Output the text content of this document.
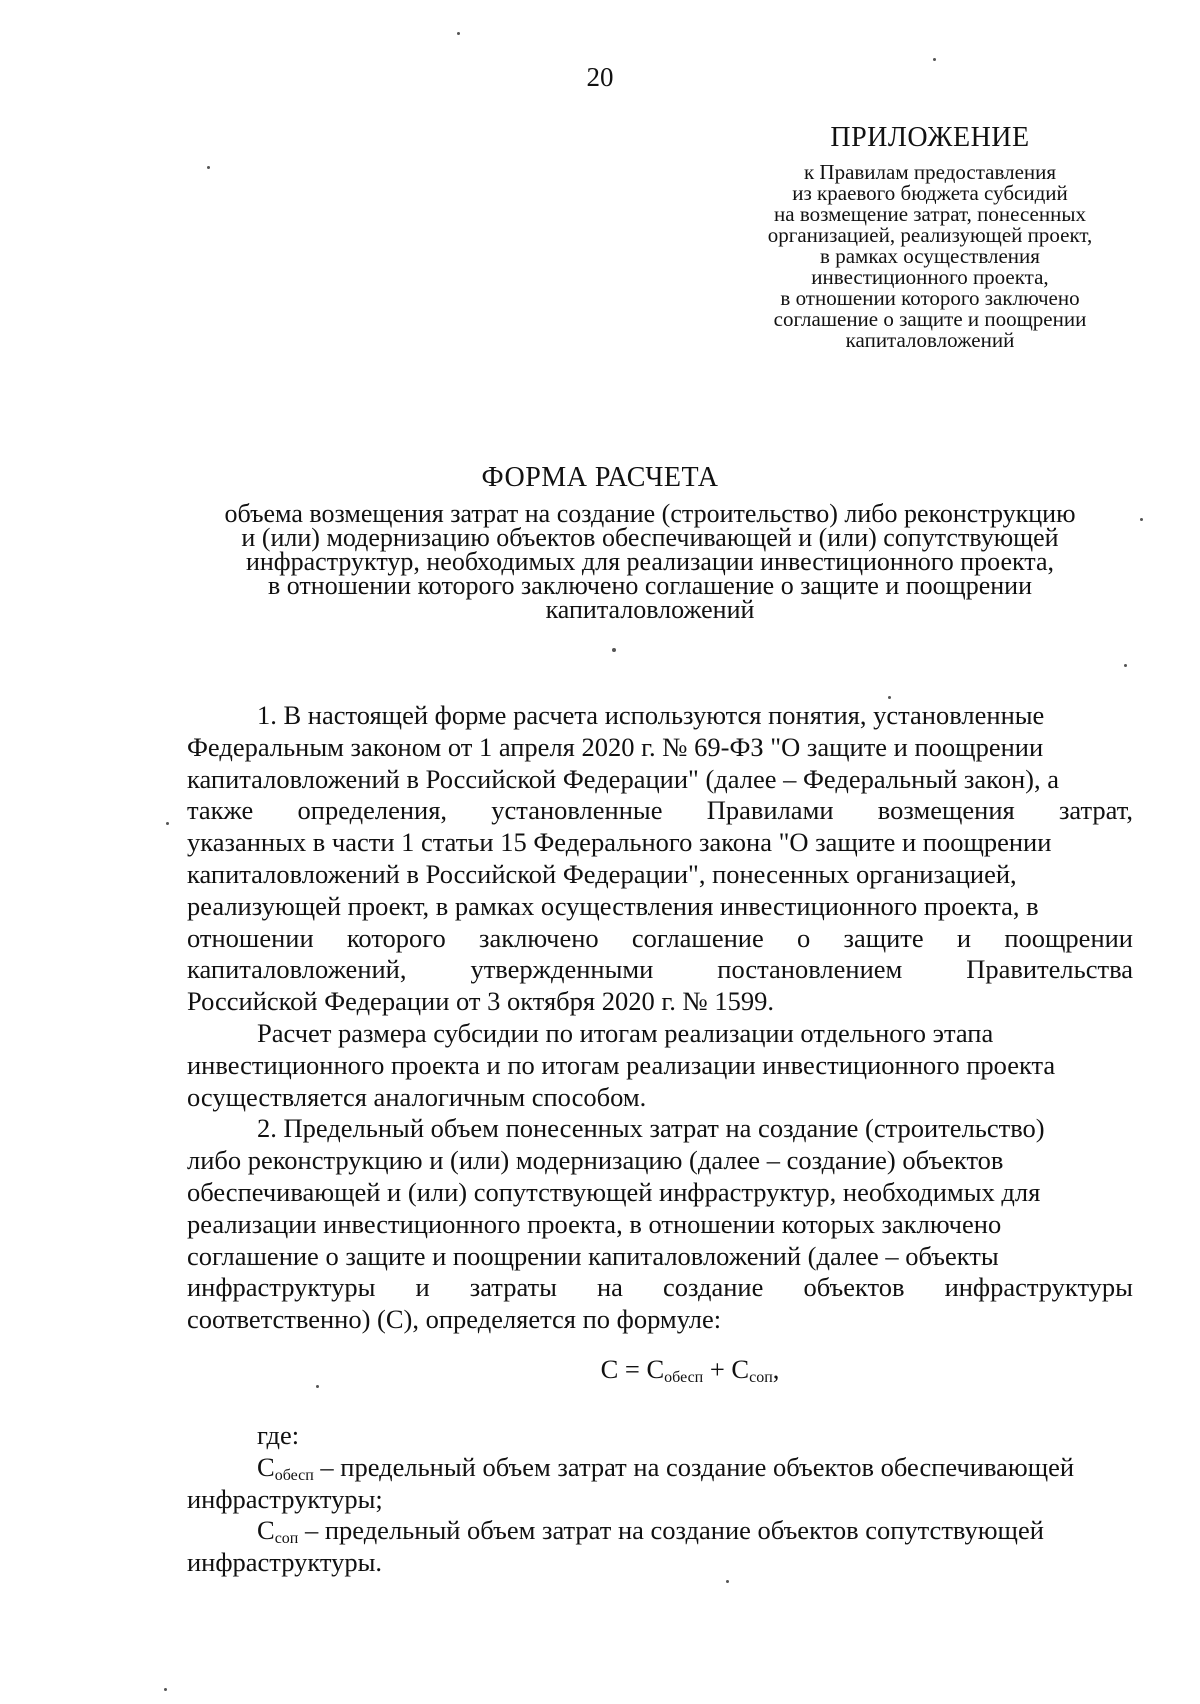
20
ПРИЛОЖЕНИЕ
к Правилам предоставления
из краевого бюджета субсидий
на возмещение затрат, понесенных
организацией, реализующей проект,
в рамках осуществления
инвестиционного проекта,
в отношении которого заключено
соглашение о защите и поощрении
капиталовложений
ФОРМА РАСЧЕТА
объема возмещения затрат на создание (строительство) либо реконструкцию
и (или) модернизацию объектов обеспечивающей и (или) сопутствующей
инфраструктур, необходимых для реализации инвестиционного проекта,
в отношении которого заключено соглашение о защите и поощрении
капиталовложений
1. В настоящей форме расчета используются понятия, установленные
Федеральным законом от 1 апреля 2020 г. № 69-ФЗ "О защите и поощрении
капиталовложений в Российской Федерации" (далее – Федеральный закон), а
также определения, установленные Правилами возмещения затрат,
указанных в части 1 статьи 15 Федерального закона "О защите и поощрении
капиталовложений в Российской Федерации", понесенных организацией,
реализующей проект, в рамках осуществления инвестиционного проекта, в
отношении которого заключено соглашение о защите и поощрении
капиталовложений, утвержденными постановлением Правительства
Российской Федерации от 3 октября 2020 г. № 1599.
Расчет размера субсидии по итогам реализации отдельного этапа
инвестиционного проекта и по итогам реализации инвестиционного проекта
осуществляется аналогичным способом.
2. Предельный объем понесенных затрат на создание (строительство)
либо реконструкцию и (или) модернизацию (далее – создание) объектов
обеспечивающей и (или) сопутствующей инфраструктур, необходимых для
реализации инвестиционного проекта, в отношении которых заключено
соглашение о защите и поощрении капиталовложений (далее – объекты
инфраструктуры и затраты на создание объектов инфраструктуры
соответственно) (С), определяется по формуле:
$С = С_{обесп} + С_{соп}$,
где:
$С_{обесп}$ – предельный объем затрат на создание объектов обеспечивающей
инфраструктуры;
$С_{соп}$ – предельный объем затрат на создание объектов сопутствующей
инфраструктуры.
